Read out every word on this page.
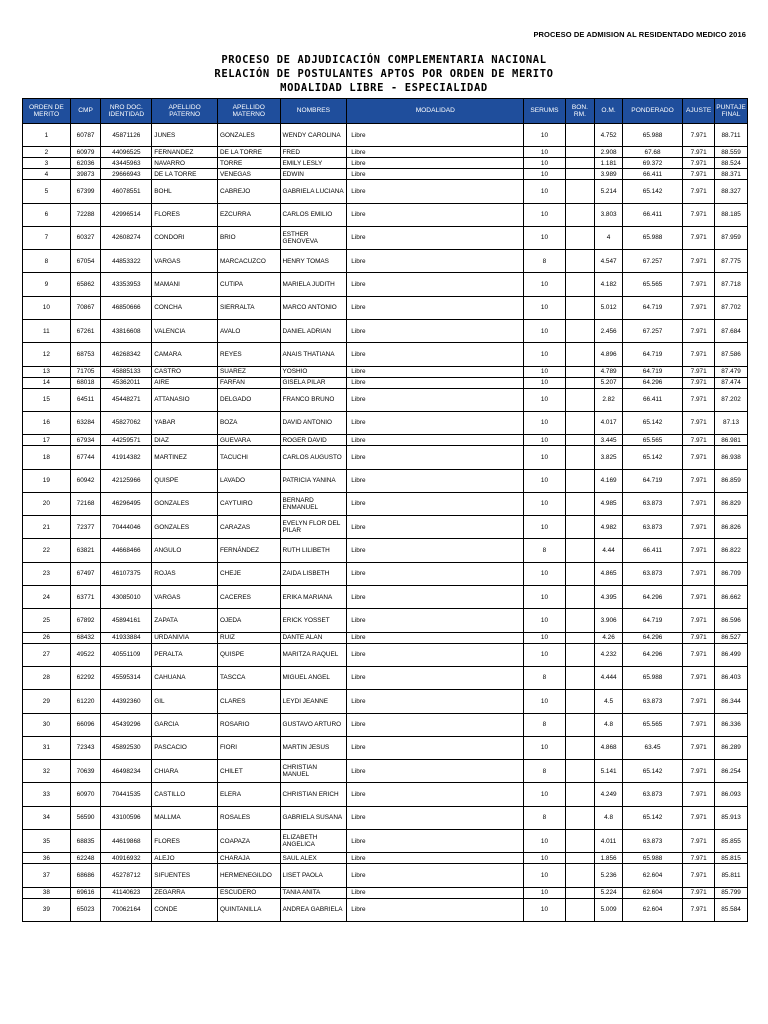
PROCESO DE ADMISION AL RESIDENTADO MEDICO 2016
PROCESO DE ADJUDICACIÓN COMPLEMENTARIA NACIONAL
RELACIÓN DE POSTULANTES APTOS POR ORDEN DE MERITO
MODALIDAD LIBRE - ESPECIALIDAD
ORDEN DE MERITO	CMP	NRO DOC. IDENTIDAD	APELLIDO PATERNO	APELLIDO MATERNO	NOMBRES	MODALIDAD	SERUMS	BON. RM.	O.M.	PONDERADO	AJUSTE	PUNTAJE FINAL
1	60787	45871126	JUNES	GONZALES	WENDY CAROLINA	Libre	10		4.752	65.988	7.971	88.711
2	60979	44096525	FERNANDEZ	DE LA TORRE	FRED	Libre	10		2.908	67.68	7.971	88.559
3	62036	43445963	NAVARRO	TORRE	EMILY LESLY	Libre	10		1.181	69.372	7.971	88.524
4	39873	29666943	DE LA TORRE	VENEGAS	EDWIN	Libre	10		3.989	66.411	7.971	88.371
5	67399	46078551	BOHL	CABREJO	GABRIELA LUCIANA	Libre	10		5.214	65.142	7.971	88.327
6	72288	42996514	FLORES	EZCURRA	CARLOS EMILIO	Libre	10		3.803	66.411	7.971	88.185
7	60327	42608274	CONDORI	BRIO	ESTHER GENOVEVA	Libre	10		4	65.988	7.971	87.959
8	67054	44853322	VARGAS	MARCACUZCO	HENRY TOMAS	Libre	8		4.547	67.257	7.971	87.775
9	65862	43353953	MAMANI	CUTIPA	MARIELA JUDITH	Libre	10		4.182	65.565	7.971	87.718
10	70867	46850666	CONCHA	SIERRALTA	MARCO ANTONIO	Libre	10		5.012	64.719	7.971	87.702
11	67261	43816608	VALENCIA	AVALO	DANIEL ADRIAN	Libre	10		2.456	67.257	7.971	87.684
12	68753	46268342	CAMARA	REYES	ANAIS THATIANA	Libre	10		4.896	64.719	7.971	87.586
13	71705	45885133	CASTRO	SUAREZ	YOSHIO	Libre	10		4.789	64.719	7.971	87.479
14	68018	45362011	AIRE	FARFAN	GISELA PILAR	Libre	10		5.207	64.296	7.971	87.474
15	64511	45448271	ATTANASIO	DELGADO	FRANCO BRUNO	Libre	10		2.82	66.411	7.971	87.202
16	63284	45827062	YABAR	BOZA	DAVID ANTONIO	Libre	10		4.017	65.142	7.971	87.13
17	67934	44259571	DIAZ	GUEVARA	ROGER DAVID	Libre	10		3.445	65.565	7.971	86.981
18	67744	41914382	MARTINEZ	TACUCHI	CARLOS AUGUSTO	Libre	10		3.825	65.142	7.971	86.938
19	60942	42125966	QUISPE	LAVADO	PATRICIA YANINA	Libre	10		4.169	64.719	7.971	86.859
20	72168	46296495	GONZALES	CAYTUIRO	BERNARD ENMANUEL	Libre	10		4.985	63.873	7.971	86.829
21	72377	70444046	GONZALES	CARAZAS	EVELYN FLOR DEL PILAR	Libre	10		4.982	63.873	7.971	86.826
22	63821	44668466	ANGULO	FERNÁNDEZ	RUTH LILIBETH	Libre	8		4.44	66.411	7.971	86.822
23	67497	46107375	ROJAS	CHEJE	ZAIDA LISBETH	Libre	10		4.865	63.873	7.971	86.709
24	63771	43085010	VARGAS	CACERES	ERIKA MARIANA	Libre	10		4.395	64.296	7.971	86.662
25	67892	45894161	ZAPATA	OJEDA	ERICK YOSSET	Libre	10		3.906	64.719	7.971	86.596
26	68432	41933884	URDANIVIA	RUIZ	DANTE ALAN	Libre	10		4.26	64.296	7.971	86.527
27	49522	40551109	PERALTA	QUISPE	MARITZA RAQUEL	Libre	10		4.232	64.296	7.971	86.499
28	62292	45595314	CAHUANA	TASCCA	MIGUEL ANGEL	Libre	8		4.444	65.988	7.971	86.403
29	61220	44392360	GIL	CLARES	LEYDI JEANNE	Libre	10		4.5	63.873	7.971	86.344
30	66096	45439296	GARCIA	ROSARIO	GUSTAVO ARTURO	Libre	8		4.8	65.565	7.971	86.336
31	72343	45892530	PASCACIO	FIORI	MARTIN JESUS	Libre	10		4.868	63.45	7.971	86.289
32	70639	46498234	CHIARA	CHILET	CHRISTIAN MANUEL	Libre	8		5.141	65.142	7.971	86.254
33	60970	70441535	CASTILLO	ELERA	CHRISTIAN ERICH	Libre	10		4.249	63.873	7.971	86.093
34	56590	43100596	MALLMA	ROSALES	GABRIELA SUSANA	Libre	8		4.8	65.142	7.971	85.913
35	68835	44619868	FLORES	COAPAZA	ELIZABETH ANGELICA	Libre	10		4.011	63.873	7.971	85.855
36	62248	40916932	ALEJO	CHARAJA	SAUL ALEX	Libre	10		1.856	65.988	7.971	85.815
37	68686	45278712	SIFUENTES	HERMENEGILDO	LISET PAOLA	Libre	10		5.236	62.604	7.971	85.811
38	69616	41140623	ZEGARRA	ESCUDERO	TANIA ANITA	Libre	10		5.224	62.604	7.971	85.799
39	65023	70062164	CONDE	QUINTANILLA	ANDREA GABRIELA	Libre	10		5.009	62.604	7.971	85.584
